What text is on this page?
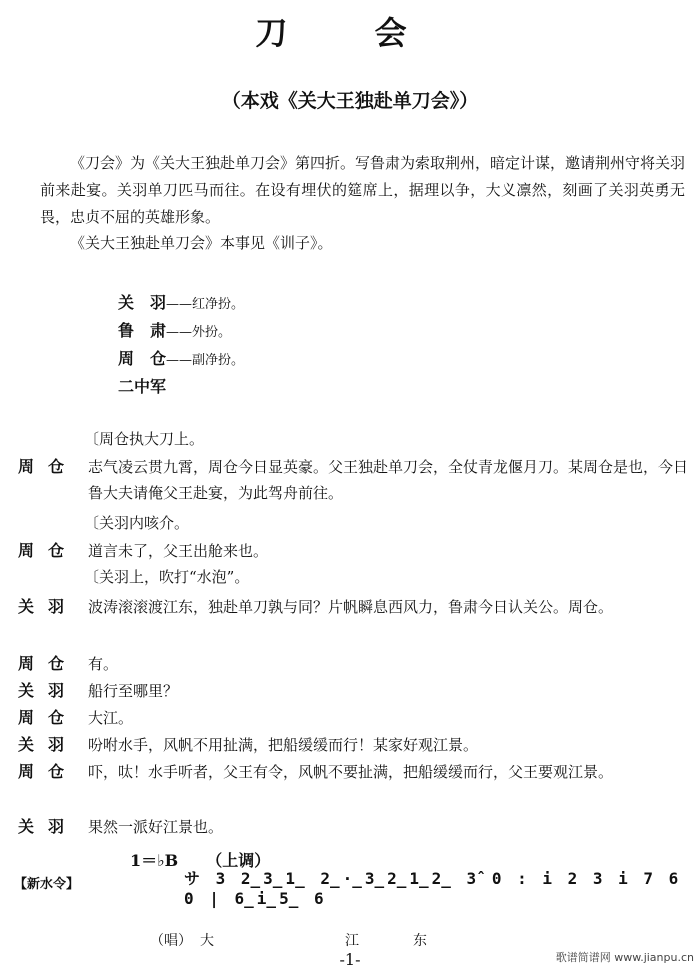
刀 会
（本戏《关大王独赴单刀会》）
《刀会》为《关大王独赴单刀会》第四折。写鲁肃为索取荆州，暗定计谋，邀请荆州守将关羽前来赴宴。关羽单刀匹马而往。在设有埋伏的筵席上，据理以争，大义凛然，刻画了关羽英勇无畏，忠贞不屈的英雄形象。
《关大王独赴单刀会》本事见《训子》。
关　羽——红净扮。
鲁　肃——外扮。
周　仓——副净扮。
二中军
〔周仓执大刀上。
周仓 志气凌云贯九霄，周仓今日显英豪。父王独赴单刀会，全仗青龙偃月刀。某周仓是也，今日鲁大夫请俺父王赴宴，为此驾舟前往。
〔关羽内咳介。
周仓 道言未了，父王出舱来也。
〔关羽上，吹打“水泡”。
关羽 波涛滚滚渡江东，独赴单刀孰与同？片帆瞬息西风力，鲁肃今日认关公。周仓。
周仓 有。
关羽 船行至哪里？
周仓 大江。
关羽 吩咐水手，风帆不用扯满，把船缓缓而行！某家好观江景。
周仓 吓，呔！水手听者，父王有令，风帆不要扯满，把船缓缓而行，父王要观江景。
关羽 果然一派好江景也。
1＝♭B （上调）
【新水令】	サ 3 2̲3̲1̲ 2̲·̲3̲2̲1̲2̲ 3̂ 0 : i 2 3 i 7 6 0 | 6̲i̲5̲ 6
（唱） 大	江	东
-1-	歌谱简谱网 www.jianpu.cn
